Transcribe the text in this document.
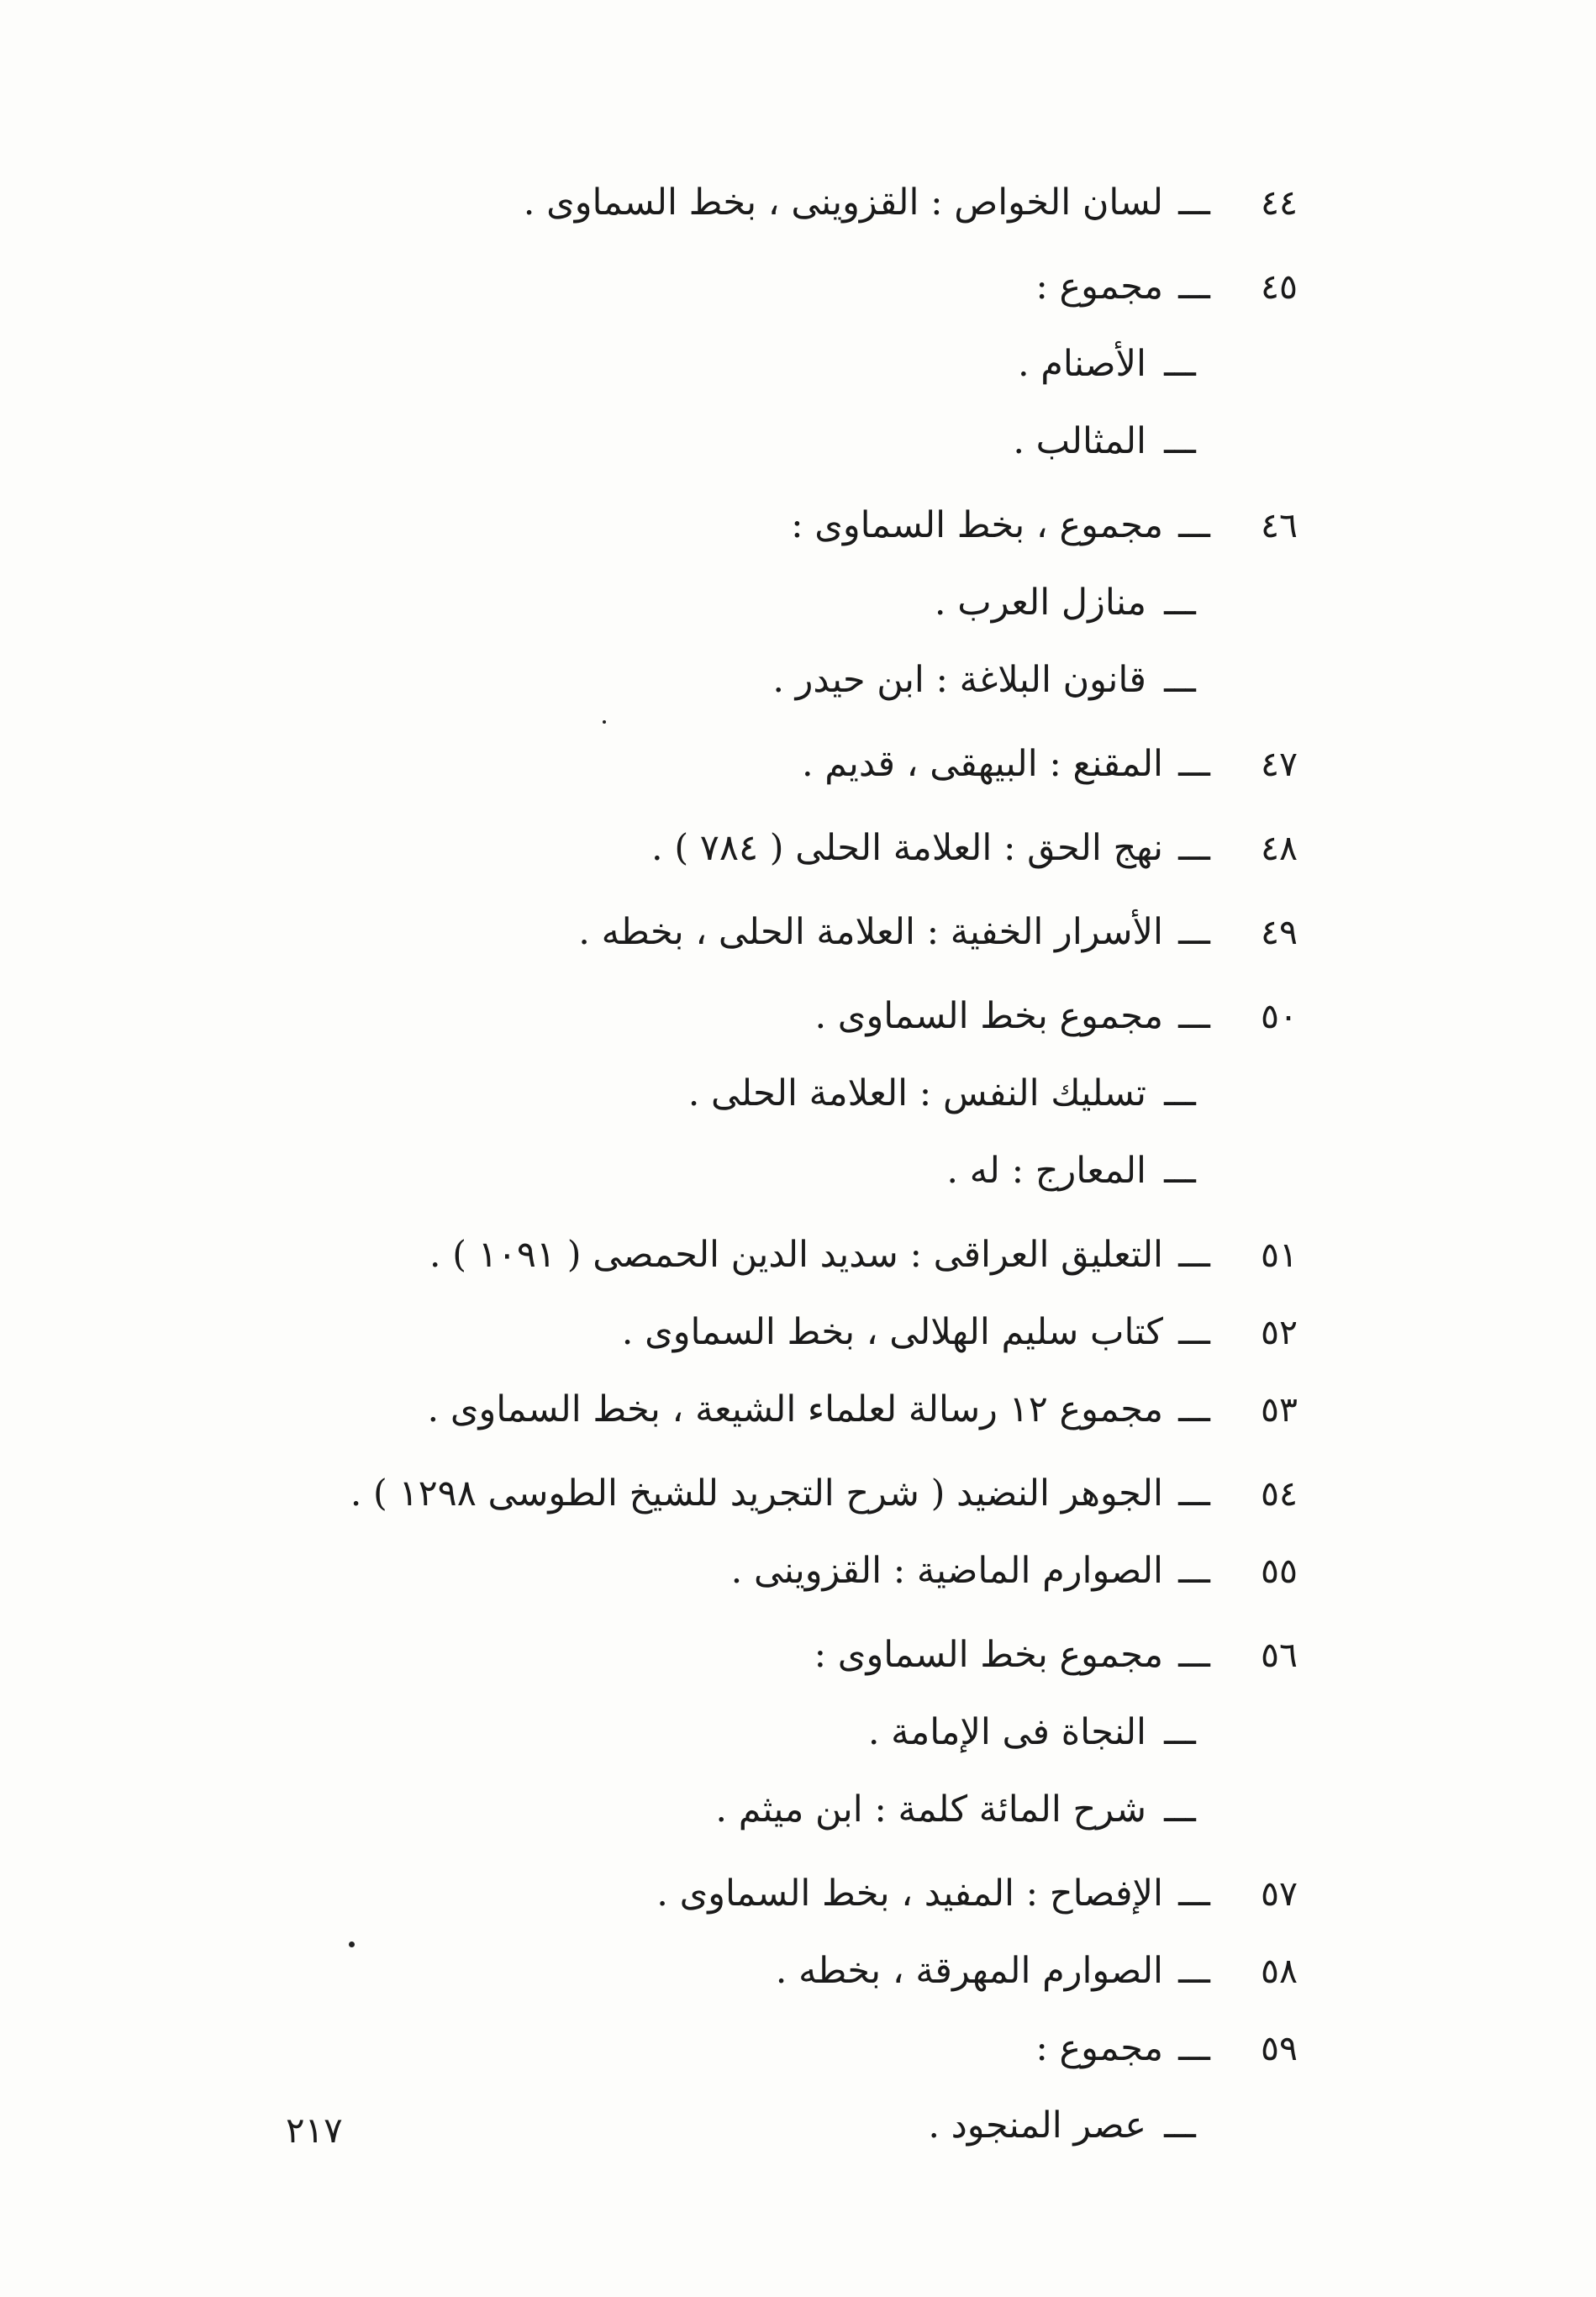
٤٤
ـــ
لسان الخواص : القزوينى ، بخط السماوى .
٤٥
ـــ
مجموع :
ـــ
الأصنام .
ـــ
المثالب .
٤٦
ـــ
مجموع ، بخط السماوى :
ـــ
منازل العرب .
ـــ
قانون البلاغة : ابن حيدر .
٤٧
ـــ
المقنع : البيهقى ، قديم .
٤٨
ـــ
نهج الحق : العلامة الحلى ( ٧٨٤ ) .
٤٩
ـــ
الأسرار الخفية : العلامة الحلى ، بخطه .
٥٠
ـــ
مجموع بخط السماوى .
ـــ
تسليك النفس : العلامة الحلى .
ـــ
المعارج : له .
٥١
ـــ
التعليق العراقى : سديد الدين الحمصى ( ١٠٩١ ) .
٥٢
ـــ
كتاب سليم الهلالى ، بخط السماوى .
٥٣
ـــ
مجموع ١٢ رسالة لعلماء الشيعة ، بخط السماوى .
٥٤
ـــ
الجوهر النضيد ( شرح التجريد للشيخ الطوسى ١٢٩٨ ) .
٥٥
ـــ
الصوارم الماضية : القزوينى .
٥٦
ـــ
مجموع بخط السماوى :
ـــ
النجاة فى الإمامة .
ـــ
شرح المائة كلمة : ابن ميثم .
٥٧
ـــ
الإفصاح : المفيد ، بخط السماوى .
٥٨
ـــ
الصوارم المهرقة ، بخطه .
٥٩
ـــ
مجموع :
ـــ
عصر المنجود .
٢١٧
